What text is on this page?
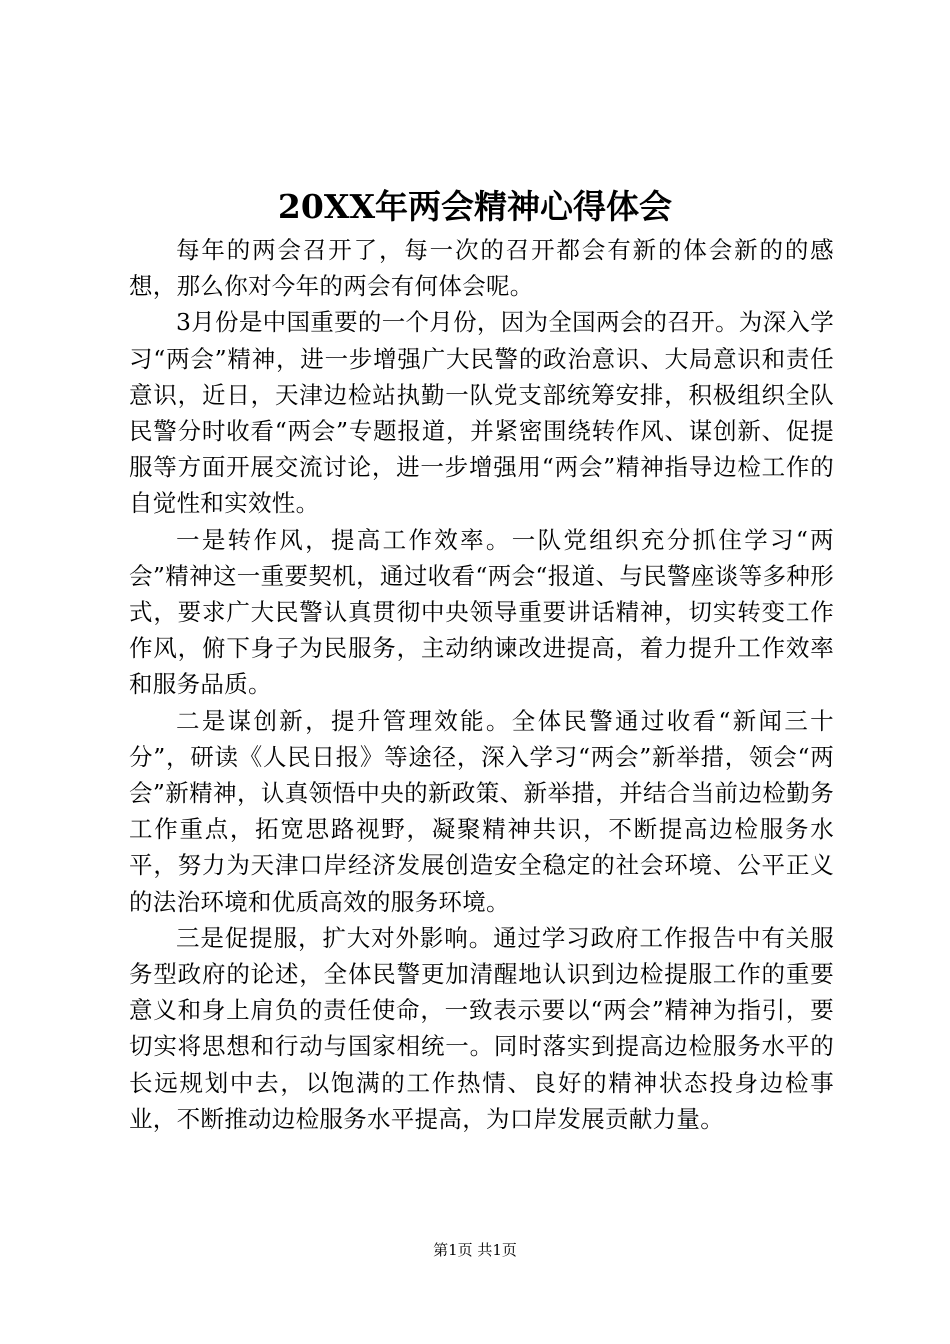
20XX年两会精神心得体会

每年的两会召开了，每一次的召开都会有新的体会新的的感想，那么你对今年的两会有何体会呢。

3月份是中国重要的一个月份，因为全国两会的召开。为深入学习“两会”精神，进一步增强广大民警的政治意识、大局意识和责任意识，近日，天津边检站执勤一队党支部统筹安排，积极组织全队民警分时收看“两会”专题报道，并紧密围绕转作风、谋创新、促提服等方面开展交流讨论，进一步增强用“两会”精神指导边检工作的自觉性和实效性。

一是转作风，提高工作效率。一队党组织充分抓住学习“两会”精神这一重要契机，通过收看“两会“报道、与民警座谈等多种形式，要求广大民警认真贯彻中央领导重要讲话精神，切实转变工作作风，俯下身子为民服务，主动纳谏改进提高，着力提升工作效率和服务品质。

二是谋创新，提升管理效能。全体民警通过收看“新闻三十分”，研读《人民日报》等途径，深入学习“两会”新举措，领会“两会”新精神，认真领悟中央的新政策、新举措，并结合当前边检勤务工作重点，拓宽思路视野，凝聚精神共识，不断提高边检服务水平，努力为天津口岸经济发展创造安全稳定的社会环境、公平正义的法治环境和优质高效的服务环境。

三是促提服，扩大对外影响。通过学习政府工作报告中有关服务型政府的论述，全体民警更加清醒地认识到边检提服工作的重要意义和身上肩负的责任使命，一致表示要以“两会”精神为指引，要切实将思想和行动与国家相统一。同时落实到提高边检服务水平的长远规划中去，以饱满的工作热情、良好的精神状态投身边检事业，不断推动边检服务水平提高，为口岸发展贡献力量。

第1页 共1页
